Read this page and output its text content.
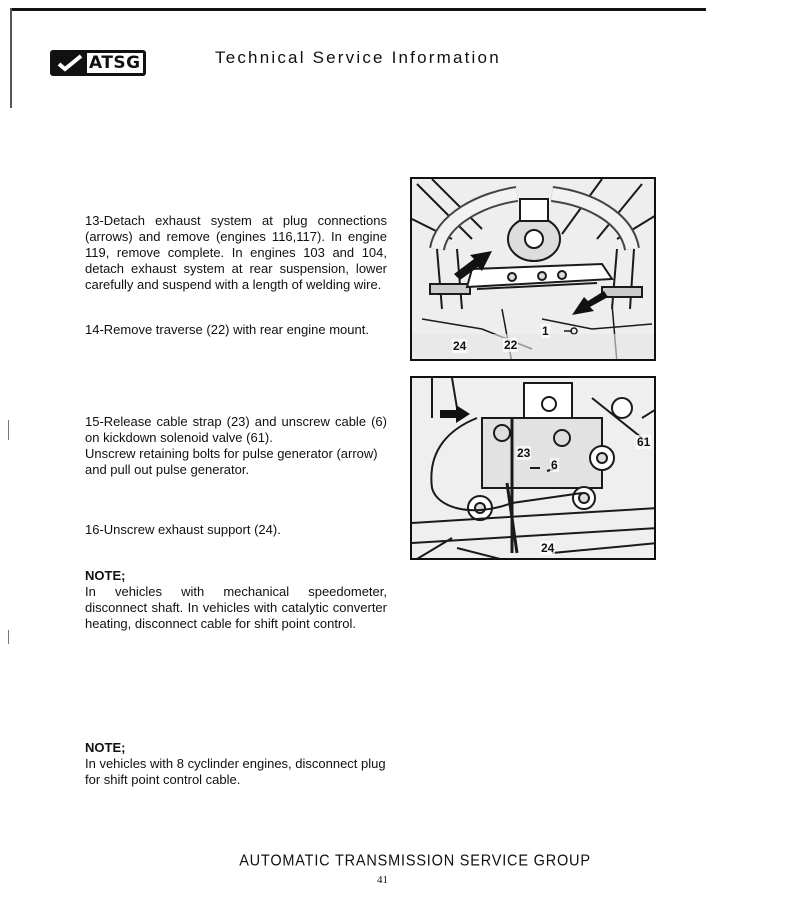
ATSG	Technical Service Information
13-Detach exhaust system at plug connections (arrows) and remove (engines 116,117). In engine 119, remove complete. In engines 103 and 104, detach exhaust system at rear suspension, lower carefully and suspend with a length of welding wire.
14-Remove traverse (22) with rear engine mount.
15-Release cable strap (23) and unscrew cable (6) on kickdown solenoid valve (61).
Unscrew retaining bolts for pulse generator (arrow) and pull out pulse generator.
16-Unscrew exhaust support (24).
NOTE;
In vehicles with mechanical speedometer, disconnect shaft. In vehicles with catalytic converter heating, disconnect cable for shift point control.
NOTE;
In vehicles with 8 cyclinder engines, disconnect plug for shift point control cable.
1
24	22
61
23
6
24
AUTOMATIC TRANSMISSION SERVICE GROUP
41
